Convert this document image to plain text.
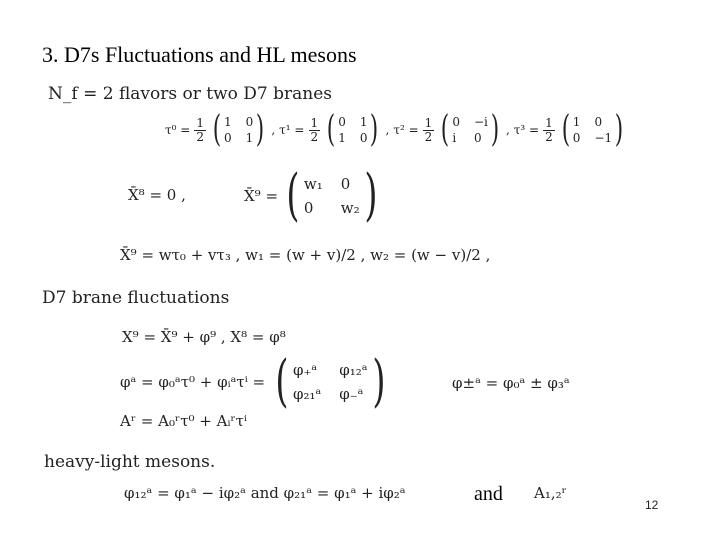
3. D7s Fluctuations and HL mesons
N_f = 2 flavors or two D7 branes
$\tau^0 = \frac{1}{2}$ ( 1 0
0 1 ) , $\tau^1 = \frac{1}{2}$ ( 0 1
1 0 ) , $\tau^2 = \frac{1}{2}$ ( 0 −i
i	0 ) , $\tau^3 = \frac{1}{2}$ ( 1 0
0 −1 )
X̄⁸ = 0 ,	X̄⁹ = ( w₁ 0
0	w₂ )
X̄⁹ = wτ₀ + vτ₃ , w₁ = (w + v)/2 , w₂ = (w − v)/2 ,
D7 brane fluctuations
X⁹ = X̄⁹ + φ⁹ , X⁸ = φ⁸
φᵃ = φ₀ᵃτ⁰ + φᵢᵃτⁱ = ( φ₊ᵃ φ₁₂ᵃ
φ₂₁ᵃ φ₋ᵃ )	φ±ᵃ = φ₀ᵃ ± φ₃ᵃ
Aʳ = A₀ʳτ⁰ + Aᵢʳτⁱ
heavy-light mesons.
φ₁₂ᵃ = φ₁ᵃ − iφ₂ᵃ and φ₂₁ᵃ = φ₁ᵃ + iφ₂ᵃ	and A₁,₂ʳ
12
